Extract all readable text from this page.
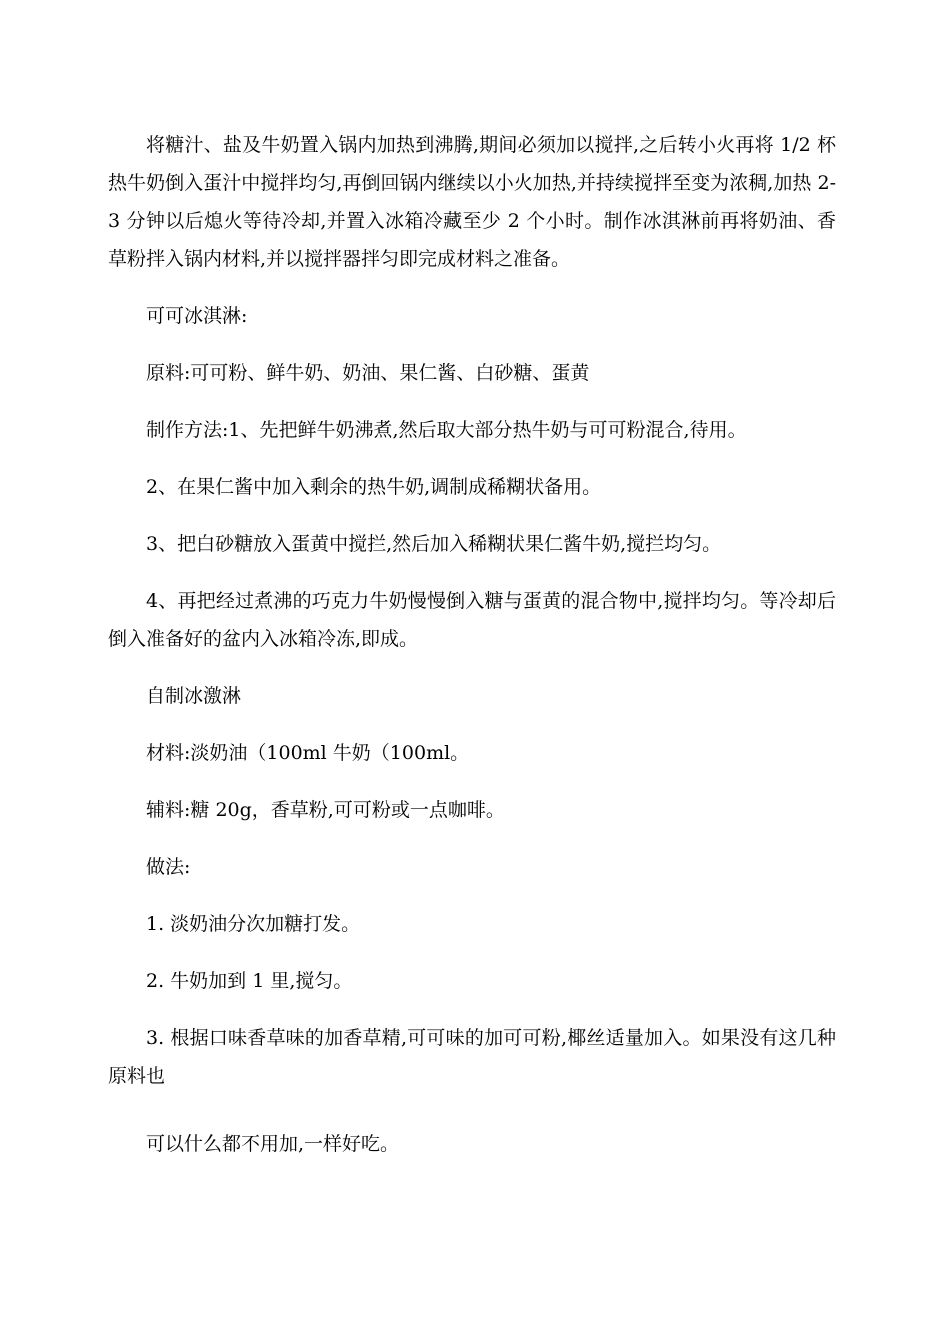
将糖汁、盐及牛奶置入锅内加热到沸腾,期间必须加以搅拌,之后转小火再将 1/2 杯热牛奶倒入蛋汁中搅拌均匀,再倒回锅内继续以小火加热,并持续搅拌至变为浓稠,加热 2-3 分钟以后熄火等待冷却,并置入冰箱冷藏至少 2 个小时。制作冰淇淋前再将奶油、香草粉拌入锅内材料,并以搅拌器拌匀即完成材料之准备。

可可冰淇淋:

原料:可可粉、鲜牛奶、奶油、果仁酱、白砂糖、蛋黄

制作方法:1、先把鲜牛奶沸煮,然后取大部分热牛奶与可可粉混合,待用。

2、在果仁酱中加入剩余的热牛奶,调制成稀糊状备用。

3、把白砂糖放入蛋黄中搅拦,然后加入稀糊状果仁酱牛奶,搅拦均匀。

4、再把经过煮沸的巧克力牛奶慢慢倒入糖与蛋黄的混合物中,搅拌均匀。等冷却后倒入准备好的盆内入冰箱冷冻,即成。

自制冰激淋

材料:淡奶油（100ml 牛奶（100ml。

辅料:糖 20g，香草粉,可可粉或一点咖啡。

做法:

1. 淡奶油分次加糖打发。

2. 牛奶加到 1 里,搅匀。

3. 根据口味香草味的加香草精,可可味的加可可粉,椰丝适量加入。如果没有这几种原料也

可以什么都不用加,一样好吃。
